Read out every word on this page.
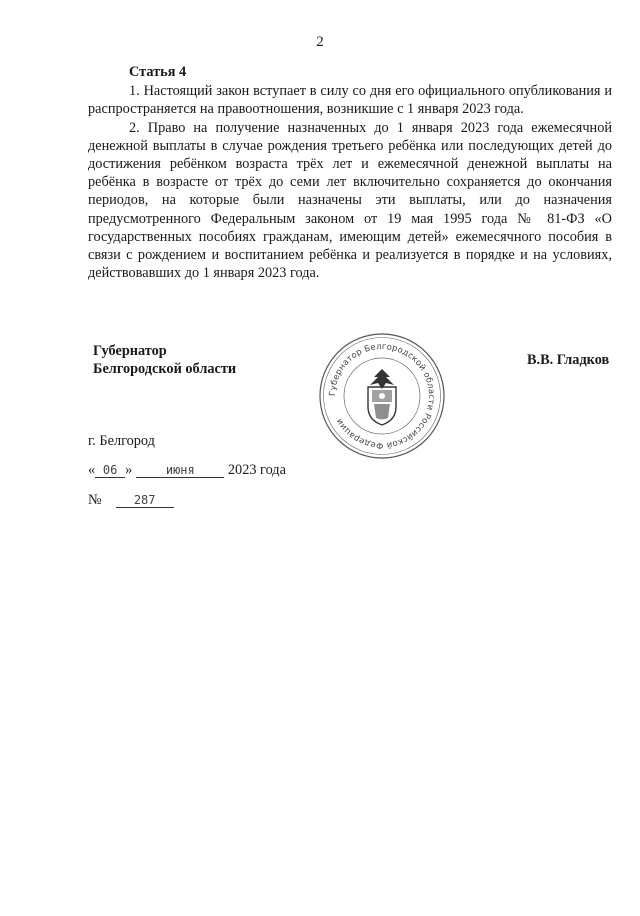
2
Статья 4

1. Настоящий закон вступает в силу со дня его официального опубликования и распространяется на правоотношения, возникшие с 1 января 2023 года.

2. Право на получение назначенных до 1 января 2023 года ежемесячной денежной выплаты в случае рождения третьего ребёнка или последующих детей до достижения ребёнком возраста трёх лет и ежемесячной денежной выплаты на ребёнка в возрасте от трёх до семи лет включительно сохраняется до окончания периодов, на которые были назначены эти выплаты, или до назначения предусмотренного Федеральным законом от 19 мая 1995 года № 81-ФЗ «О государственных пособиях гражданам, имеющим детей» ежемесячного пособия в связи с рождением и воспитанием ребёнка и реализуется в порядке и на условиях, действовавших до 1 января 2023 года.

Губернатор
Белгородской области
Губернатор Белгородской области Российской Федерации
В.В. Гладков
г. Белгород
« 06 »	июня 2023 года
№	287
